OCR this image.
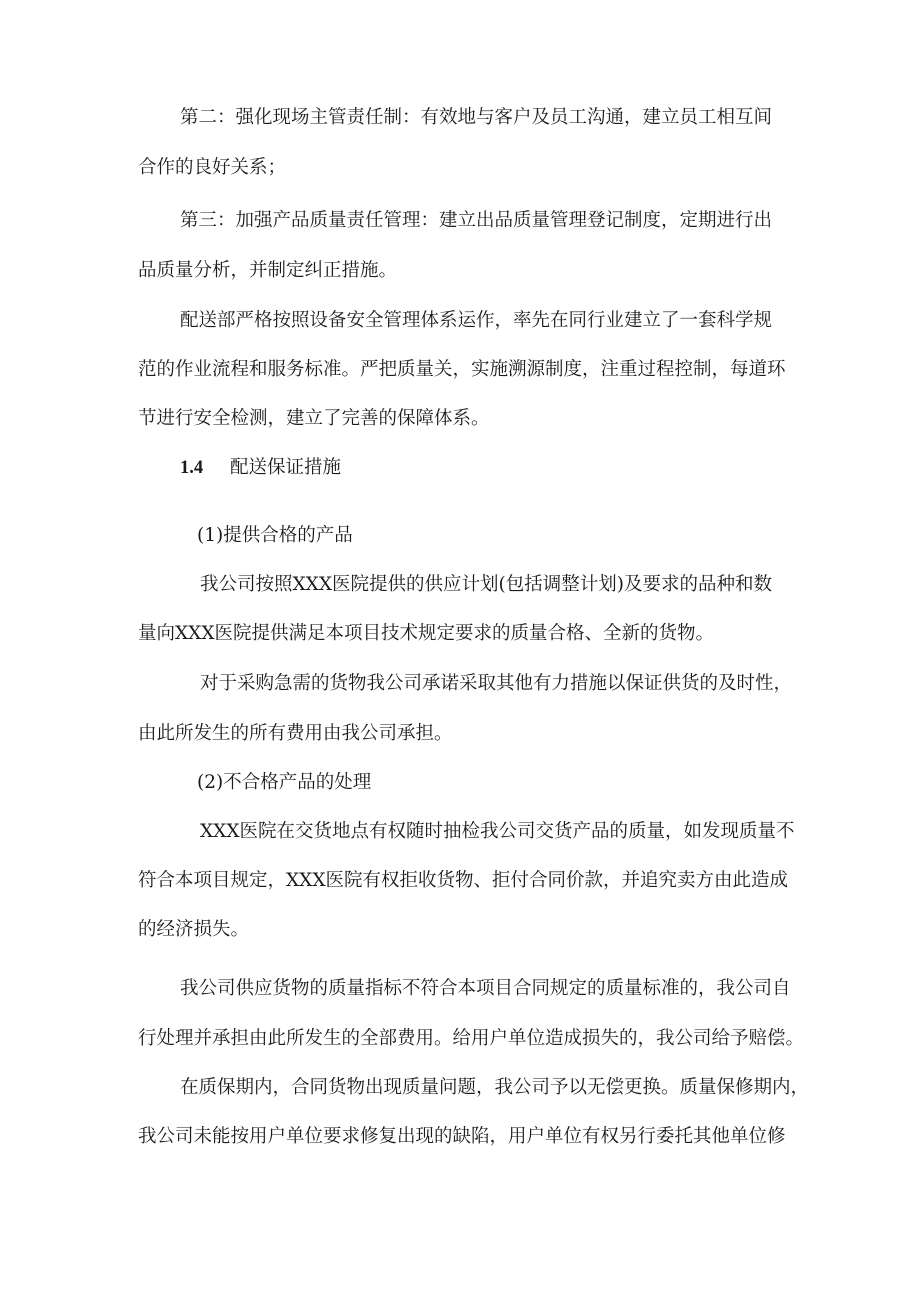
第二：强化现场主管责任制：有效地与客户及员工沟通，建立员工相互间
合作的良好关系；
第三：加强产品质量责任管理：建立出品质量管理登记制度，定期进行出
品质量分析，并制定纠正措施。
配送部严格按照设备安全管理体系运作，率先在同行业建立了一套科学规
范的作业流程和服务标准。严把质量关，实施溯源制度，注重过程控制，每道环
节进行安全检测，建立了完善的保障体系。
1.4 配送保证措施
(1)提供合格的产品
我公司按照XXX医院提供的供应计划(包括调整计划)及要求的品种和数
量向XXX医院提供满足本项目技术规定要求的质量合格、全新的货物。
对于采购急需的货物我公司承诺采取其他有力措施以保证供货的及时性，
由此所发生的所有费用由我公司承担。
(2)不合格产品的处理
XXX医院在交货地点有权随时抽检我公司交货产品的质量，如发现质量不
符合本项目规定，XXX医院有权拒收货物、拒付合同价款，并追究卖方由此造成
的经济损失。
我公司供应货物的质量指标不符合本项目合同规定的质量标准的，我公司自
行处理并承担由此所发生的全部费用。给用户单位造成损失的，我公司给予赔偿。
在质保期内，合同货物出现质量问题，我公司予以无偿更换。质量保修期内，
我公司未能按用户单位要求修复出现的缺陷，用户单位有权另行委托其他单位修
